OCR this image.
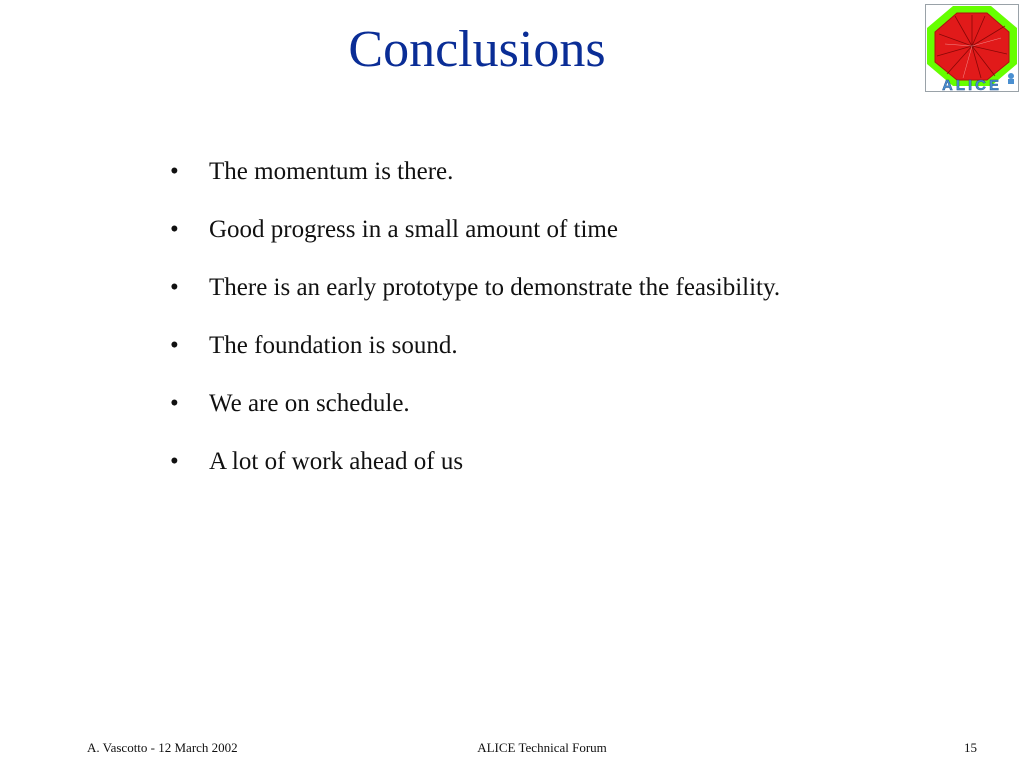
Conclusions
ALICE
•	The momentum is there.
•	Good progress in a small amount of time
•	There is an early prototype to demonstrate the feasibility.
•	The foundation is sound.
•	We are on schedule.
•	A lot of work ahead of us
A. Vascotto - 12 March 2002	ALICE Technical Forum	15
